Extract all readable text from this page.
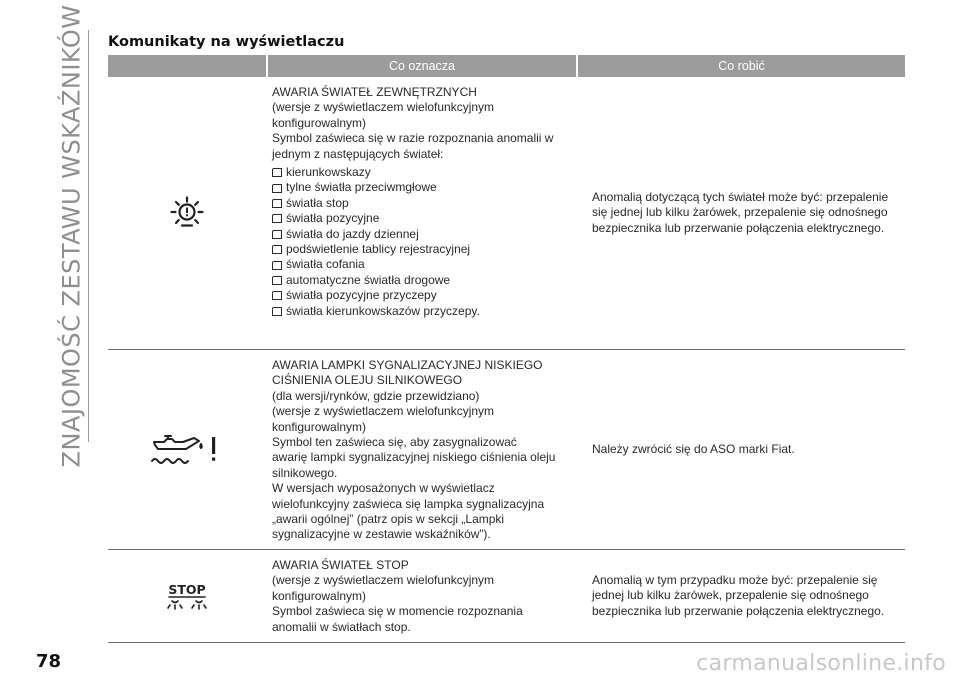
ZNAJOMOŚĆ ZESTAWU WSKAŹNIKÓW Komunikaty na wyświetlaczu
Co oznacza	Co robić

AWARIA ŚWIATEŁ ZEWNĘTRZNYCH

(wersje z wyświetlaczem wielofunkcyjnym

konfigurowalnym)

Symbol zaświeca się w razie rozpoznania anomalii w

jednym z następujących świateł:

kierunkowskazy
tylne światła przeciwmgłowe
światła stop
światła pozycyjne
światła do jazdy dziennej
podświetlenie tablicy rejestracyjnej
światła cofania
automatyczne światła drogowe
światła pozycyjne przyczepy
światła kierunkowskazów przyczepy.
Anomalią dotyczącą tych świateł może być: przepalenie się jednej lub kilku żarówek, przepalenie się odnośnego bezpiecznika lub przerwanie połączenia elektrycznego.

AWARIA LAMPKI SYGNALIZACYJNEJ NISKIEGO

CIŚNIENIA OLEJU SILNIKOWEGO

(dla wersji/rynków, gdzie przewidziano)

(wersje z wyświetlaczem wielofunkcyjnym

konfigurowalnym)

Symbol ten zaświeca się, aby zasygnalizować

awarię lampki sygnalizacyjnej niskiego ciśnienia oleju

silnikowego.

W wersjach wyposażonych w wyświetlacz

wielofunkcyjny zaświeca się lampka sygnalizacyjna

„awarii ogólnej” (patrz opis w sekcji „Lampki

sygnalizacyjne w zestawie wskaźników”).

Należy zwrócić się do ASO marki Fiat.
STOP

AWARIA ŚWIATEŁ STOP

(wersje z wyświetlaczem wielofunkcyjnym

konfigurowalnym)

Symbol zaświeca się w momencie rozpoznania

anomalii w światłach stop.

Anomalią w tym przypadku może być: przepalenie się jednej lub kilku żarówek, przepalenie się odnośnego bezpiecznika lub przerwanie połączenia elektrycznego.
78	carmanualsonline.info
